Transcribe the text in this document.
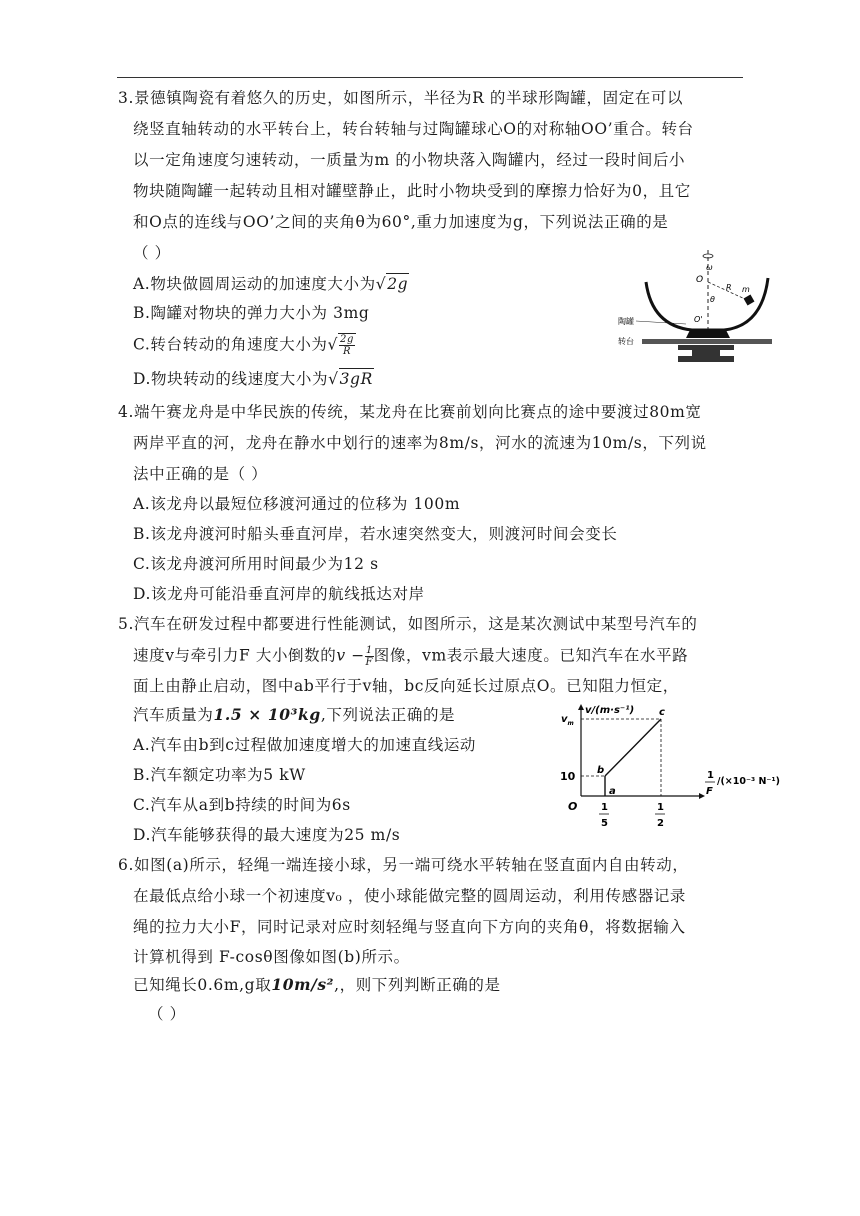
3.景德镇陶瓷有着悠久的历史，如图所示，半径为R 的半球形陶罐，固定在可以
绕竖直轴转动的水平转台上，转台转轴与过陶罐球心O的对称轴OO’重合。转台
以一定角速度匀速转动，一质量为m 的小物块落入陶罐内，经过一段时间后小
物块随陶罐一起转动且相对罐壁静止，此时小物块受到的摩擦力恰好为0，且它
和O点的连线与OO’之间的夹角θ为60°,重力加速度为g，下列说法正确的是
（ ）
A.物块做圆周运动的加速度大小为√2g
B.陶罐对物块的弹力大小为 3mg
C.转台转动的角速度大小为√ $\frac{2g}{R}$
D.物块转动的线速度大小为√3gR
ω
O
θ
R m
O'
陶罐
转台
4.端午赛龙舟是中华民族的传统，某龙舟在比赛前划向比赛点的途中要渡过80m宽
两岸平直的河，龙舟在静水中划行的速率为8m/s，河水的流速为10m/s，下列说
法中正确的是（ ）
A.该龙舟以最短位移渡河通过的位移为 100m
B.该龙舟渡河时船头垂直河岸，若水速突然变大，则渡河时间会变长
C.该龙舟渡河所用时间最少为12 s
D.该龙舟可能沿垂直河岸的航线抵达对岸
5.汽车在研发过程中都要进行性能测试，如图所示，这是某次测试中某型号汽车的
速度v与牵引力F 大小倒数的$v - \frac{1}{F}$ 图像，vm表示最大速度。已知汽车在水平路
面上由静止启动，图中ab平行于v轴，bc反向延长过原点O。已知阻力恒定，
汽车质量为1.5 × 10³kg,下列说法正确的是
A.汽车由b到c过程做加速度增大的加速直线运动
B.汽车额定功率为5 kW
C.汽车从a到b持续的时间为6s
D.汽车能够获得的最大速度为25 m/s
v/(m·s⁻¹)
$v_m$
10
O
a
b
c
1
5
1
2
1
F
/(×10⁻³ N⁻¹)
6.如图(a)所示，轻绳一端连接小球，另一端可绕水平转轴在竖直面内自由转动，
在最低点给小球一个初速度v₀ ，使小球能做完整的圆周运动，利用传感器记录
绳的拉力大小F，同时记录对应时刻轻绳与竖直向下方向的夹角θ，将数据输入
计算机得到 F-cosθ图像如图(b)所示。
已知绳长0.6m,g取10m/s²,，则下列判断正确的是
（ ）
